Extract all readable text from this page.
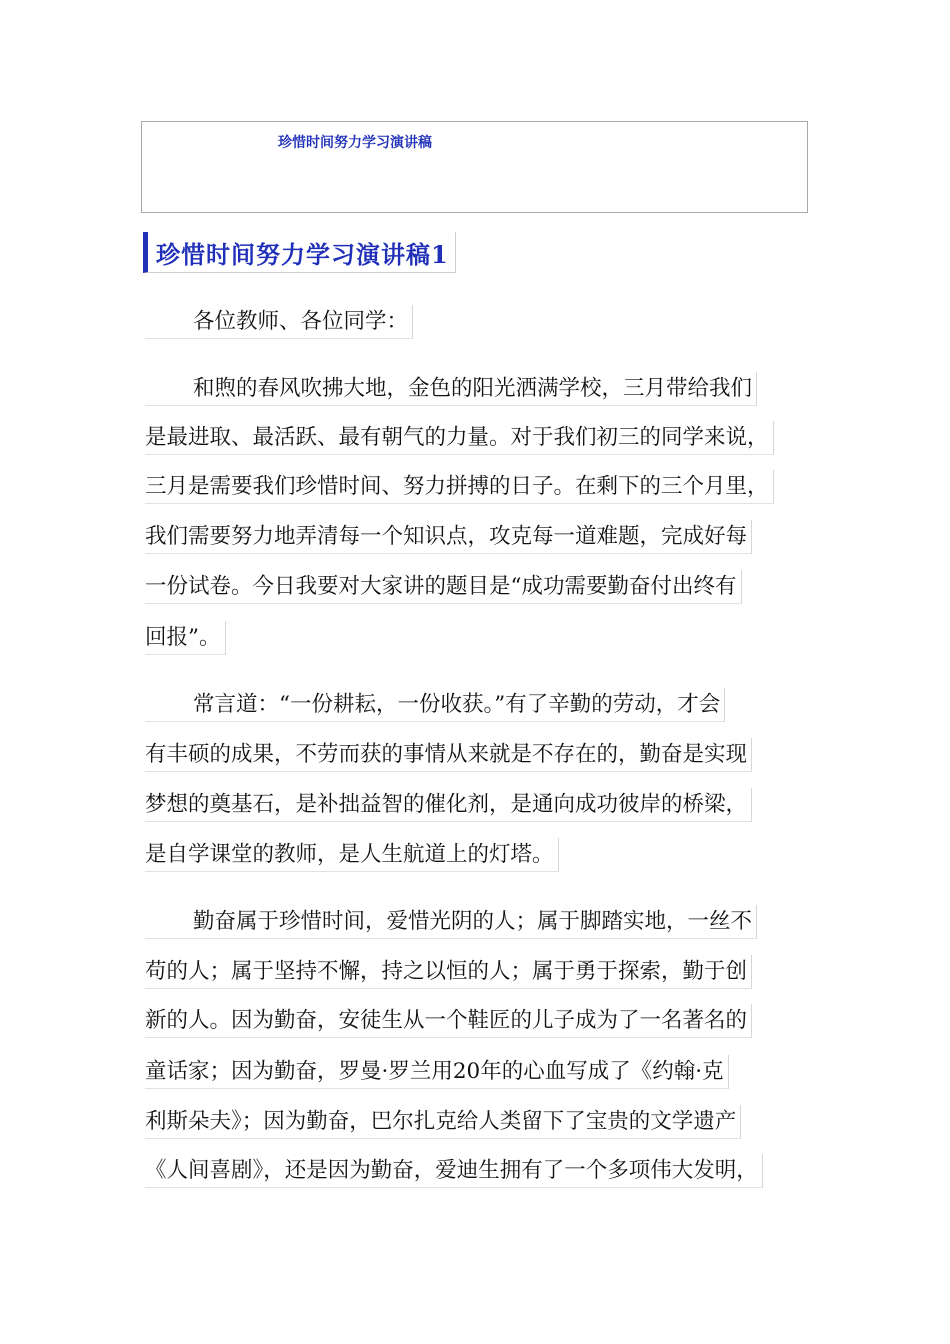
珍惜时间努力学习演讲稿
珍惜时间努力学习演讲稿1
各位教师、各位同学：
和煦的春风吹拂大地，金色的阳光洒满学校，三月带给我们
是最进取、最活跃、最有朝气的力量。对于我们初三的同学来说，
三月是需要我们珍惜时间、努力拼搏的日子。在剩下的三个月里，
我们需要努力地弄清每一个知识点，攻克每一道难题，完成好每
一份试卷。今日我要对大家讲的题目是“成功需要勤奋付出终有
回报”。
常言道：“一份耕耘，一份收获。”有了辛勤的劳动，才会
有丰硕的成果，不劳而获的事情从来就是不存在的，勤奋是实现
梦想的奠基石，是补拙益智的催化剂，是通向成功彼岸的桥梁，
是自学课堂的教师，是人生航道上的灯塔。
勤奋属于珍惜时间，爱惜光阴的人；属于脚踏实地，一丝不
苟的人；属于坚持不懈，持之以恒的人；属于勇于探索，勤于创
新的人。因为勤奋，安徒生从一个鞋匠的儿子成为了一名著名的
童话家；因为勤奋，罗曼·罗兰用20年的心血写成了《约翰·克
利斯朵夫》；因为勤奋，巴尔扎克给人类留下了宝贵的文学遗产
《人间喜剧》，还是因为勤奋，爱迪生拥有了一个多项伟大发明，
